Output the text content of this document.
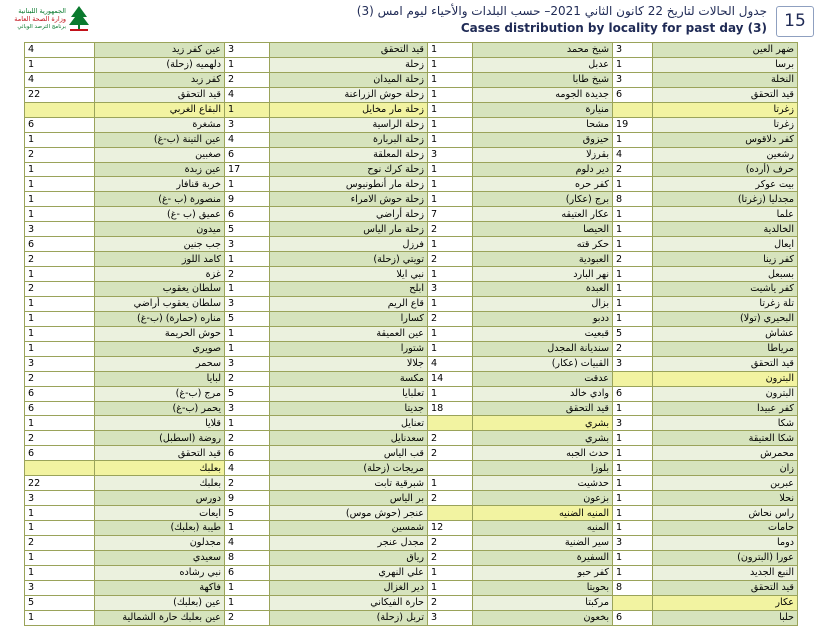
الجمهورية اللبنانية
وزارة الصحة العامة
برنامج الترصد الوبائي
جدول الحالات لتاريخ 22 كانون الثاني 2021– حسب البلدات والأحياء ليوم امس (3)
Cases distribution by locality for past day (3)	15
4	عين كفر زيد	3	قيد التحقق	1	شيخ محمد	3	ضهر العين
1	دلهميه (زحلة)	1	زحلة	1	عدبل	1	برسا
4	كفر زبد	2	زحلة الميدان	1	شيخ طابا	3	النخلة
22	قيد التحقق	4	زحلة حوش الزراعنة	1	جديدة الجومه	6	قيد التحقق
	البقاع الغربي	1	زحلة مار مخايل	1	منيارة		زغرتا
6	مشغرة	3	زحلة الراسية	1	مشحا	19	زغرتا
1	عين التينة (ب-غ)	4	زحلة البربارة	1	حيزوق	1	كفر دلاقوس
2	صغبين	6	زحلة المعلقة	3	بقرزلا	4	رشعين
1	عين زبدة	17	زحلة كرك نوح	1	دير دلوم	2	حرف (أرده)
1	خربة قنافار	1	زحلة مار أنطونيوس	1	كفر حره	1	بيت عوكر
1	منصورة (ب -غ)	9	زحلة حوش الامراء	1	برج (عكار)	8	مجدليا (زغرتا)
1	عميق (ب -غ)	6	زحلة أراضي	7	عكار العتيقه	1	علما
3	ميدون	5	زحلة مار الياس	2	الحيصا	1	الخالدية
6	جب جنين	3	فرزل	1	حكر قته	1	ايعال
2	كامد اللوز	1	تويتي (زحلة)	2	العبودية	2	كفر زينا
1	غزة	2	نبي ايلا	1	نهر البارد	1	بسبعل
2	سلطان يعقوب	1	ابلح	3	العبدة	1	كفر ياشيت
1	سلطان يعقوب أراضي	3	قاع الريم	1	بزال	1	تلة زغرتا
1	مناره (حمارة) (ب-غ)	5	كسارا	2	ددبو	1	البحيري (تولا)
1	حوش الحريمة	1	عين العميقة	1	قبعيت	5	عشاش
1	صويري	1	شتورا	1	سنديانة المجدل	2	مرياطا
3	سحمر	3	جلالا	4	القبيات (عكار)	3	قيد التحقق
2	لبايا	2	مكسة	14	عدقت		البترون
6	مرج (ب-غ)	5	تعلبايا	1	وادي خالد	6	البترون
6	يحمر (ب-غ)	3	جديتا	18	قيد التحقق	1	كفر عبيدا
1	قلايا	1	تعنايل		بشري	3	شكا
2	روضة (اسطبل)	2	سعدنايل	2	بشري	1	شكا العتيقة
6	قيد التحقق	6	قب الياس	2	حدث الجبه	1	محمرش
	بعلبك	4	مريجات (زحلة)		بلوزا	1	زان
22	بعلبك	2	شبرقية تابت	1	حدشيت	1	عبرين
3	دورس	9	بر الياس	2	بزعون	1	نحلا
1	ايعات	5	عنجر (حوش موس)		المنيه الضنيه	1	راس نحاش
1	طيبة (بعلبك)	1	شمسين	12	المنيه	1	حامات
2	مجدلون	4	مجدل عنجر	2	سير الضنية	3	دوما
1	سعيدي	8	رياق	2	السفيرة	1	عورا (البترون)
1	نبي رشاده	6	علي النهري	1	كفر حبو	1	النبع الجديد
3	فاكهة	1	دير الغزال	1	بحويتا	8	قيد التحقق
5	عين (بعلبك)	1	حارة الفيكاني	2	مركبتا		عكار
1	عين بعلبك حارة الشمالية	2	تربل (زحلة)	3	بخعون	6	حلبا
